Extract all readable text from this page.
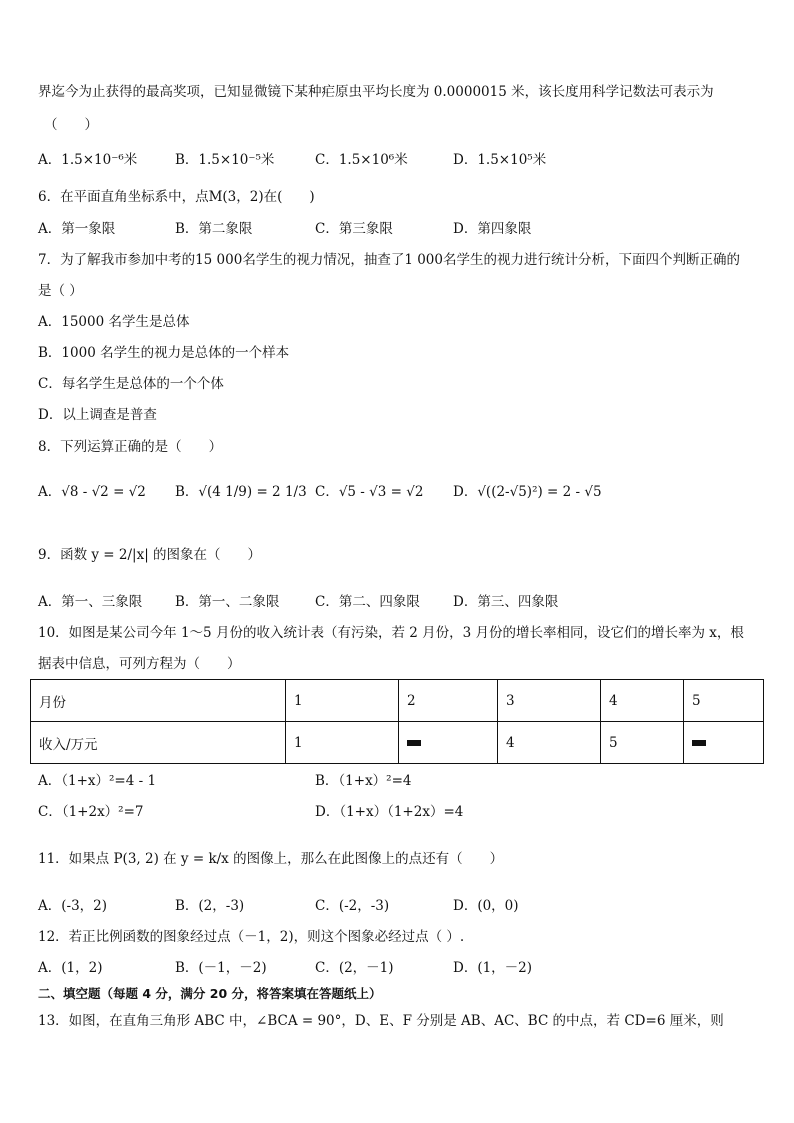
界迄今为止获得的最高奖项，已知显微镜下某种疟原虫平均长度为 0.0000015 米，该长度用科学记数法可表示为
（　　）
A．1.5×10⁻⁶米	B．1.5×10⁻⁵米	C．1.5×10⁶米	D．1.5×10⁵米
6．在平面直角坐标系中，点M(3，2)在(　　)
A．第一象限	B．第二象限	C．第三象限	D．第四象限
7．为了解我市参加中考的15 000名学生的视力情况，抽查了1 000名学生的视力进行统计分析，下面四个判断正确的
是（ ）
A．15000 名学生是总体
B．1000 名学生的视力是总体的一个样本
C．每名学生是总体的一个个体
D．以上调查是普查
8．下列运算正确的是（　　）
A．√8 - √2 = √2 B．√(4 1/9) = 2 1/3 C．√5 - √3 = √2 D．√((2-√5)²) = 2 - √5
9．函数 y = 2/|x| 的图象在（　　）
A．第一、三象限 B．第一、二象限	C．第二、四象限 D．第三、四象限
10．如图是某公司今年 1～5 月份的收入统计表（有污染，若 2 月份，3 月份的增长率相同，设它们的增长率为 x，根
据表中信息，可列方程为（　　）
月份	1	2	3	4	5
收入/万元	1		4	5	
A．（1+x）²=4 - 1	B．（1+x）²=4
C．（1+2x）²=7	D．（1+x）（1+2x）=4
11．如果点 P(3, 2) 在 y = k/x 的图像上，那么在此图像上的点还有（　　）
A．(-3，2)	B．(2，-3)	C．(-2，-3)	D．(0，0)
12．若正比例函数的图象经过点（－1，2)，则这个图象必经过点（ ）.
A．(1，2)	B．(－1，－2)	C．(2，－1)	D．(1，－2)
二、填空题（每题 4 分，满分 20 分，将答案填在答题纸上）
13．如图，在直角三角形 ABC 中，∠BCA = 90°，D、E、F 分别是 AB、AC、BC 的中点，若 CD=6 厘米，则
